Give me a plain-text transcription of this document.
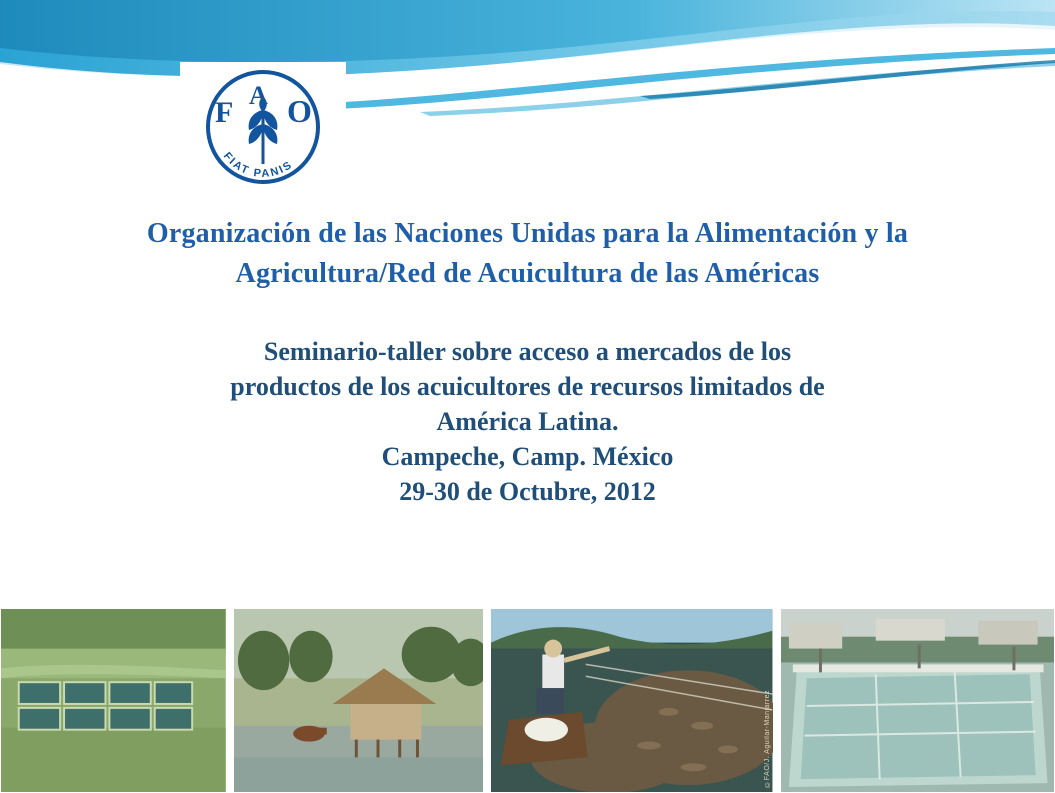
F
A O
FIAT PANIS
Organización de las Naciones Unidas para la Alimentación y la Agricultura/Red de Acuicultura de las Américas
Seminario-taller sobre acceso a mercados de los
productos de los acuicultores de recursos limitados de
América Latina.
Campeche, Camp. México
29-30 de Octubre, 2012
©FAO/J. Aguilar-Manjarrez
